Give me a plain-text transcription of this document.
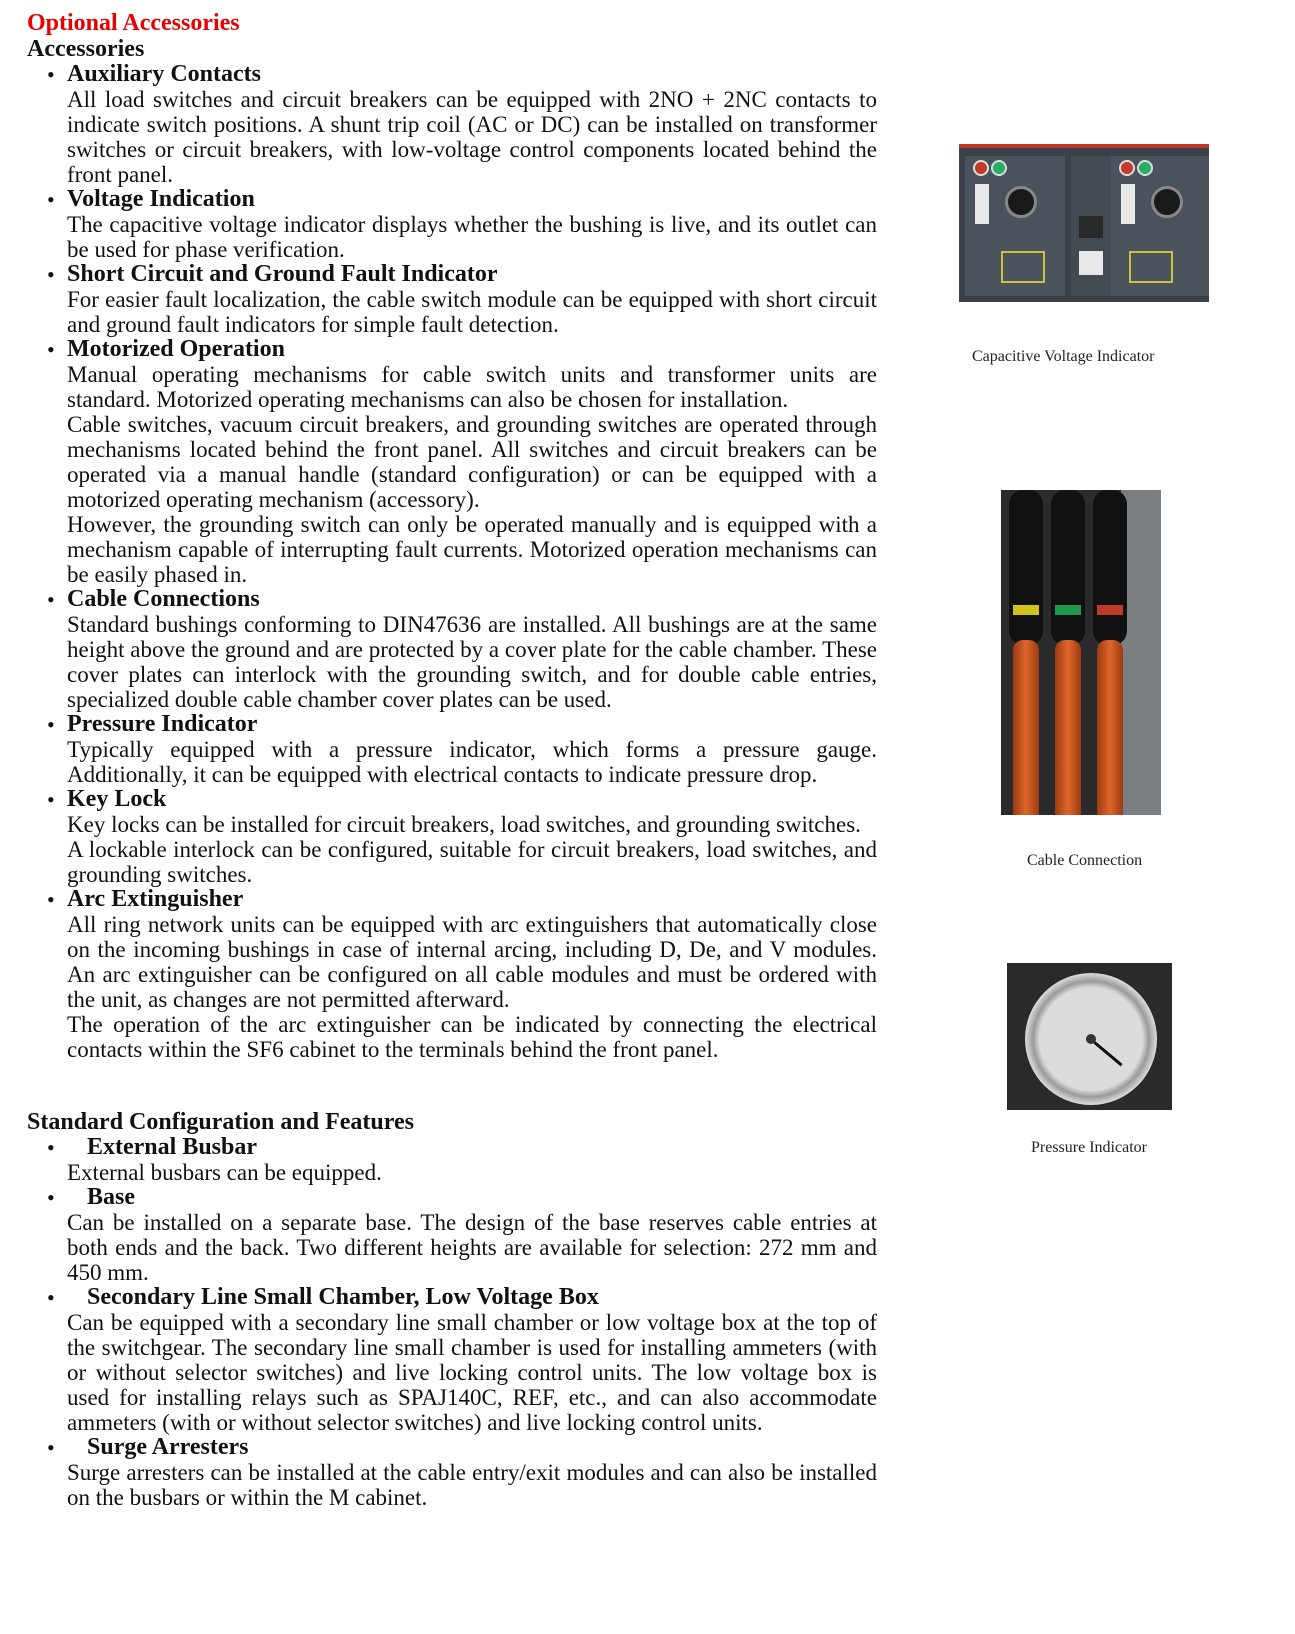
Optional Accessories
Accessories
• Auxiliary Contacts
All load switches and circuit breakers can be equipped with 2NO + 2NC contacts to indicate switch positions. A shunt trip coil (AC or DC) can be installed on transformer switches or circuit breakers, with low-voltage control components located behind the front panel.
• Voltage Indication
The capacitive voltage indicator displays whether the bushing is live, and its outlet can be used for phase verification.
• Short Circuit and Ground Fault Indicator
For easier fault localization, the cable switch module can be equipped with short circuit and ground fault indicators for simple fault detection.
• Motorized Operation
Manual operating mechanisms for cable switch units and transformer units are standard. Motorized operating mechanisms can also be chosen for installation.
Cable switches, vacuum circuit breakers, and grounding switches are operated through mechanisms located behind the front panel. All switches and circuit breakers can be operated via a manual handle (standard configuration) or can be equipped with a motorized operating mechanism (accessory).
However, the grounding switch can only be operated manually and is equipped with a mechanism capable of interrupting fault currents. Motorized operation mechanisms can be easily phased in.
• Cable Connections
Standard bushings conforming to DIN47636 are installed. All bushings are at the same height above the ground and are protected by a cover plate for the cable chamber. These cover plates can interlock with the grounding switch, and for double cable entries, specialized double cable chamber cover plates can be used.
• Pressure Indicator
Typically equipped with a pressure indicator, which forms a pressure gauge. Additionally, it can be equipped with electrical contacts to indicate pressure drop.
• Key Lock
Key locks can be installed for circuit breakers, load switches, and grounding switches.
A lockable interlock can be configured, suitable for circuit breakers, load switches, and grounding switches.
• Arc Extinguisher
All ring network units can be equipped with arc extinguishers that automatically close on the incoming bushings in case of internal arcing, including D, De, and V modules. An arc extinguisher can be configured on all cable modules and must be ordered with the unit, as changes are not permitted afterward.
The operation of the arc extinguisher can be indicated by connecting the electrical contacts within the SF6 cabinet to the terminals behind the front panel.
Standard Configuration and Features
•	External Busbar
External busbars can be equipped.
•	Base
Can be installed on a separate base. The design of the base reserves cable entries at both ends and the back. Two different heights are available for selection: 272 mm and 450 mm.
•	Secondary Line Small Chamber, Low Voltage Box
Can be equipped with a secondary line small chamber or low voltage box at the top of the switchgear. The secondary line small chamber is used for installing ammeters (with or without selector switches) and live locking control units. The low voltage box is used for installing relays such as SPAJ140C, REF, etc., and can also accommodate ammeters (with or without selector switches) and live locking control units.
•	Surge Arresters
Surge arresters can be installed at the cable entry/exit modules and can also be installed on the busbars or within the M cabinet.
Capacitive Voltage Indicator
Cable Connection
Pressure Indicator
